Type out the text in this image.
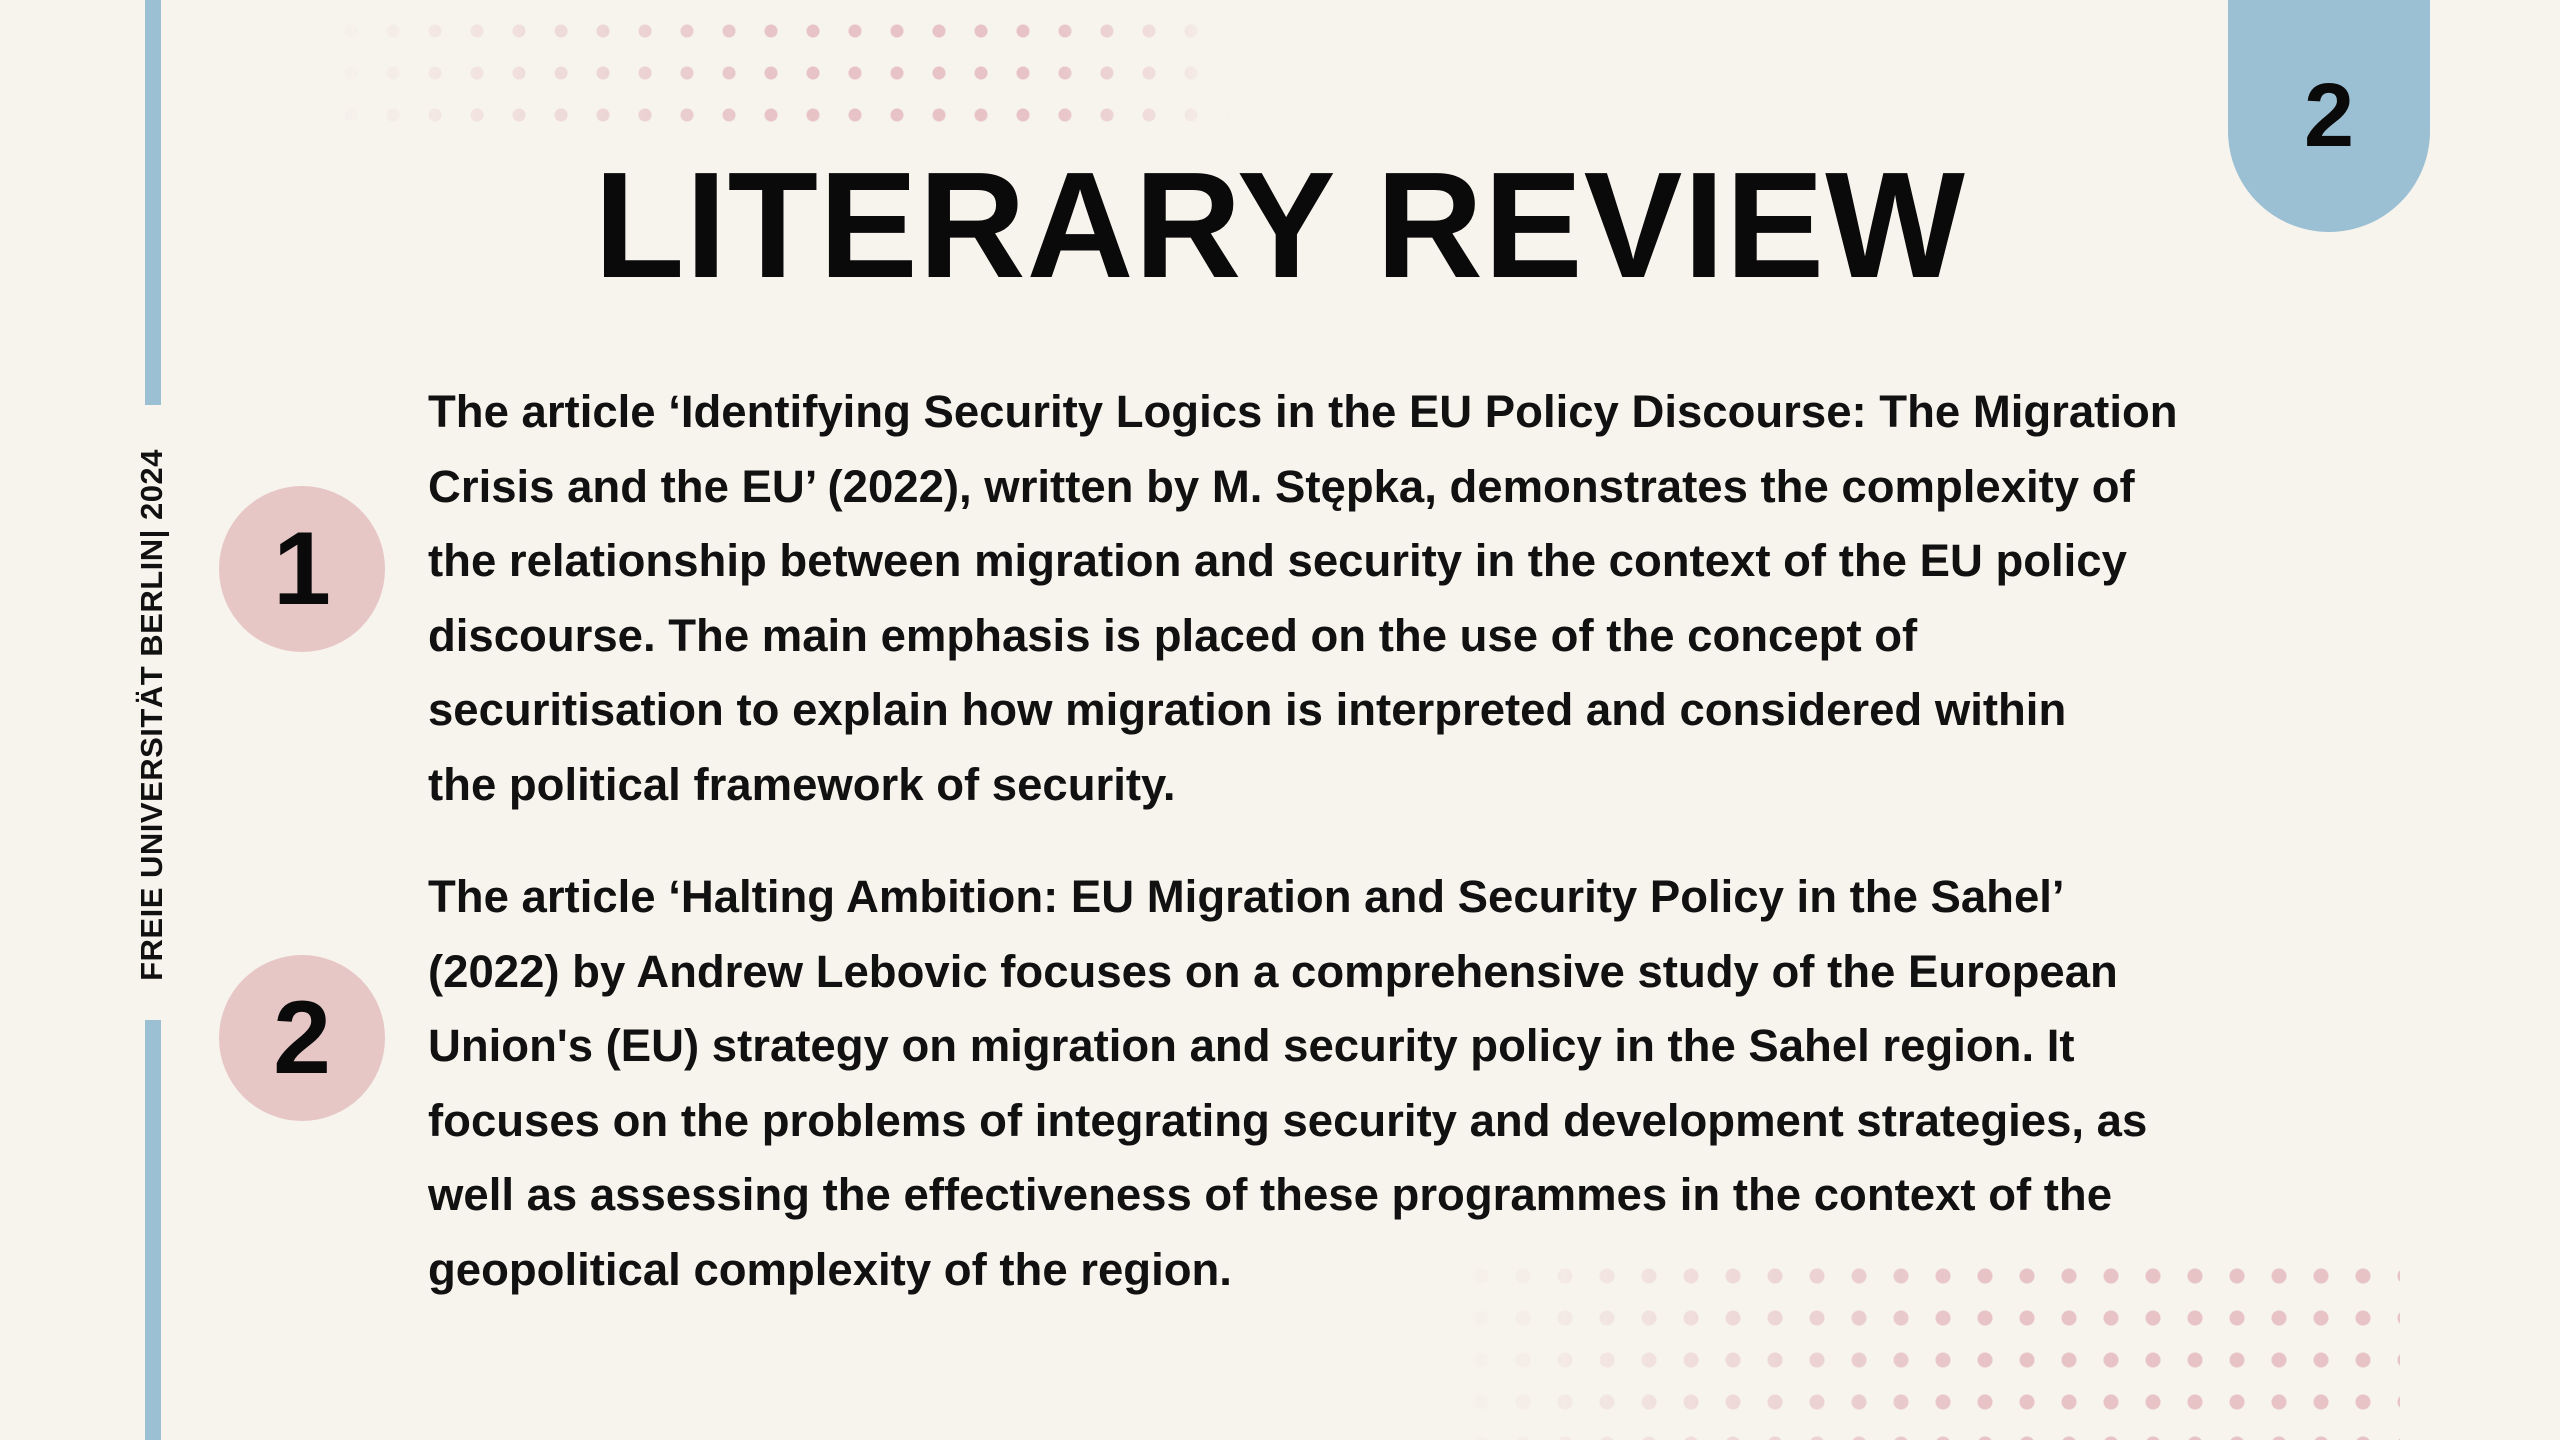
FREIE UNIVERSITÄT BERLIN| 2024
2
LITERARY REVIEW
1

The article ‘Identifying Security Logics in the EU Policy Discourse: The Migration
Crisis and the EU’ (2022), written by M. Stępka, demonstrates the complexity of
the relationship between migration and security in the context of the EU policy
discourse. The main emphasis is placed on the use of the concept of
securitisation to explain how migration is interpreted and considered within
the political framework of security.

2

The article ‘Halting Ambition: EU Migration and Security Policy in the Sahel’
(2022) by Andrew Lebovic focuses on a comprehensive study of the European
Union's (EU) strategy on migration and security policy in the Sahel region. It
focuses on the problems of integrating security and development strategies, as
well as assessing the effectiveness of these programmes in the context of the
geopolitical complexity of the region.
